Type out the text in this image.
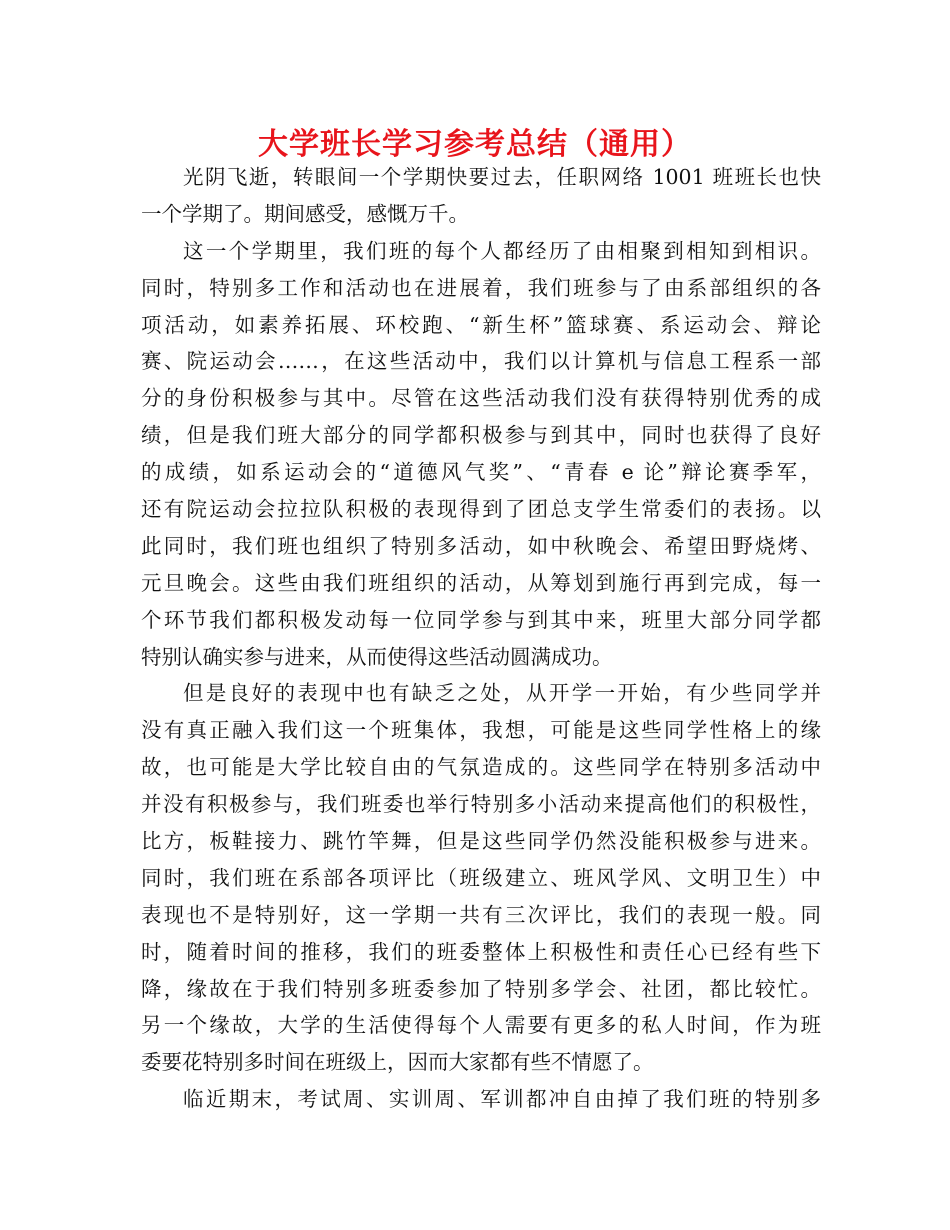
大学班长学习参考总结（通用）
光阴飞逝，转眼间一个学期快要过去，任职网络 1001 班班长也快
一个学期了。期间感受，感慨万千。
这一个学期里，我们班的每个人都经历了由相聚到相知到相识。
同时，特别多工作和活动也在进展着，我们班参与了由系部组织的各
项活动，如素养拓展、环校跑、“新生杯”篮球赛、系运动会、辩论
赛、院运动会……，在这些活动中，我们以计算机与信息工程系一部
分的身份积极参与其中。尽管在这些活动我们没有获得特别优秀的成
绩，但是我们班大部分的同学都积极参与到其中，同时也获得了良好
的成绩，如系运动会的“道德风气奖”、“青春 e 论”辩论赛季军，
还有院运动会拉拉队积极的表现得到了团总支学生常委们的表扬。以
此同时，我们班也组织了特别多活动，如中秋晚会、希望田野烧烤、
元旦晚会。这些由我们班组织的活动，从筹划到施行再到完成，每一
个环节我们都积极发动每一位同学参与到其中来，班里大部分同学都
特别认确实参与进来，从而使得这些活动圆满成功。
但是良好的表现中也有缺乏之处，从开学一开始，有少些同学并
没有真正融入我们这一个班集体，我想，可能是这些同学性格上的缘
故，也可能是大学比较自由的气氛造成的。这些同学在特别多活动中
并没有积极参与，我们班委也举行特别多小活动来提高他们的积极性，
比方，板鞋接力、跳竹竿舞，但是这些同学仍然没能积极参与进来。
同时，我们班在系部各项评比（班级建立、班风学风、文明卫生）中
表现也不是特别好，这一学期一共有三次评比，我们的表现一般。同
时，随着时间的推移，我们的班委整体上积极性和责任心已经有些下
降，缘故在于我们特别多班委参加了特别多学会、社团，都比较忙。
另一个缘故，大学的生活使得每个人需要有更多的私人时间，作为班
委要花特别多时间在班级上，因而大家都有些不情愿了。
临近期末，考试周、实训周、军训都冲自由掉了我们班的特别多
